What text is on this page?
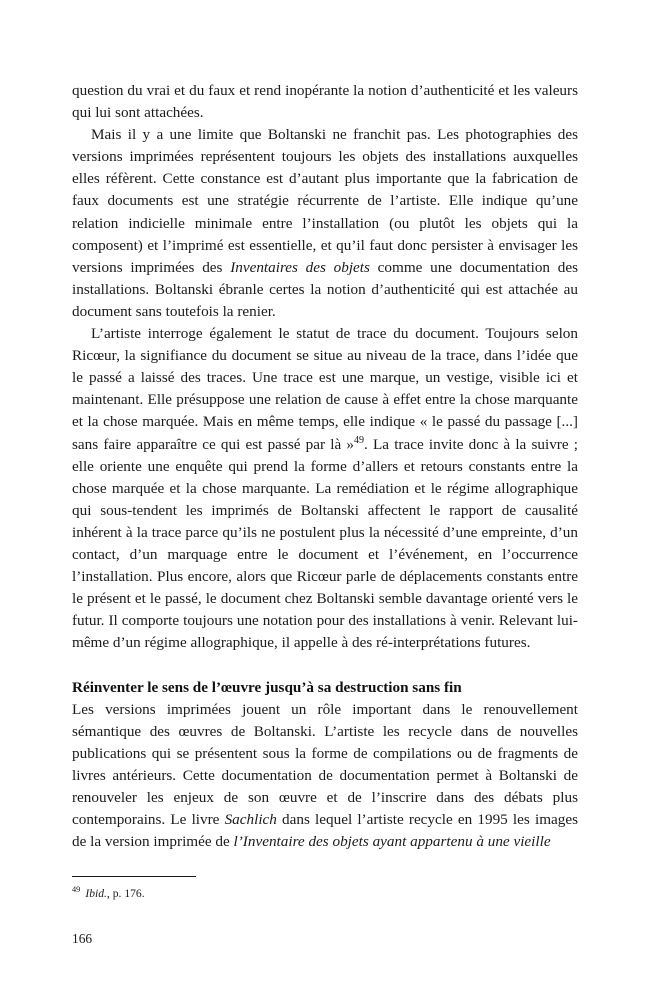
question du vrai et du faux et rend inopérante la notion d’authenticité et les valeurs qui lui sont attachées.

Mais il y a une limite que Boltanski ne franchit pas. Les photographies des versions imprimées représentent toujours les objets des installations auxquelles elles réfèrent. Cette constance est d’autant plus importante que la fabrication de faux documents est une stratégie récurrente de l’artiste. Elle indique qu’une relation indicielle minimale entre l’installation (ou plutôt les objets qui la composent) et l’imprimé est essentielle, et qu’il faut donc persister à envisager les versions imprimées des Inventaires des objets comme une documentation des installations. Boltanski ébranle certes la notion d’authenticité qui est attachée au document sans toutefois la renier.

L’artiste interroge également le statut de trace du document. Toujours selon Ricœur, la signifiance du document se situe au niveau de la trace, dans l’idée que le passé a laissé des traces. Une trace est une marque, un vestige, visible ici et maintenant. Elle présuppose une relation de cause à effet entre la chose marquante et la chose marquée. Mais en même temps, elle indique « le passé du passage [...] sans faire apparaître ce qui est passé par là »$^{49}$. La trace invite donc à la suivre ; elle oriente une enquête qui prend la forme d’allers et retours constants entre la chose marquée et la chose marquante. La remédiation et le régime allographique qui sous-tendent les imprimés de Boltanski affectent le rapport de causalité inhérent à la trace parce qu’ils ne postulent plus la nécessité d’une empreinte, d’un contact, d’un marquage entre le document et l’événement, en l’occurrence l’installation. Plus encore, alors que Ricœur parle de déplacements constants entre le présent et le passé, le document chez Boltanski semble davantage orienté vers le futur. Il comporte toujours une notation pour des installations à venir. Relevant lui-même d’un régime allographique, il appelle à des ré-interprétations futures.

Réinventer le sens de l’œuvre jusqu’à sa destruction sans fin

Les versions imprimées jouent un rôle important dans le renouvellement sémantique des œuvres de Boltanski. L’artiste les recycle dans de nouvelles publications qui se présentent sous la forme de compilations ou de fragments de livres antérieurs. Cette documentation de documentation permet à Boltanski de renouveler les enjeux de son œuvre et de l’inscrire dans des débats plus contemporains. Le livre Sachlich dans lequel l’artiste recycle en 1995 les images de la version imprimée de l’Inventaire des objets ayant appartenu à une vieille

$^{49}$ Ibid., p. 176.

166
